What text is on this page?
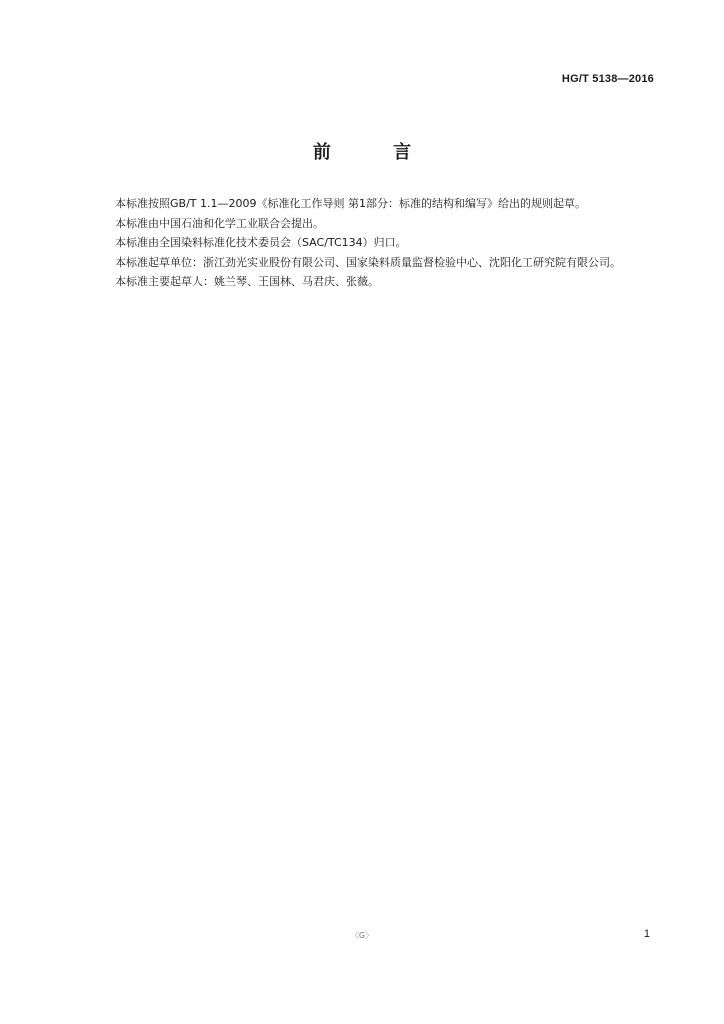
HG/T 5138—2016
前 言

本标准按照GB/T 1.1—2009《标准化工作导则 第1部分：标准的结构和编写》给出的规则起草。

本标准由中国石油和化学工业联合会提出。

本标准由全国染料标准化技术委员会（SAC/TC134）归口。

本标准起草单位：浙江劲光实业股份有限公司、国家染料质量监督检验中心、沈阳化工研究院有限公司。

本标准主要起草人：姚兰琴、王国林、马君庆、张薇。

〈G〉	1
